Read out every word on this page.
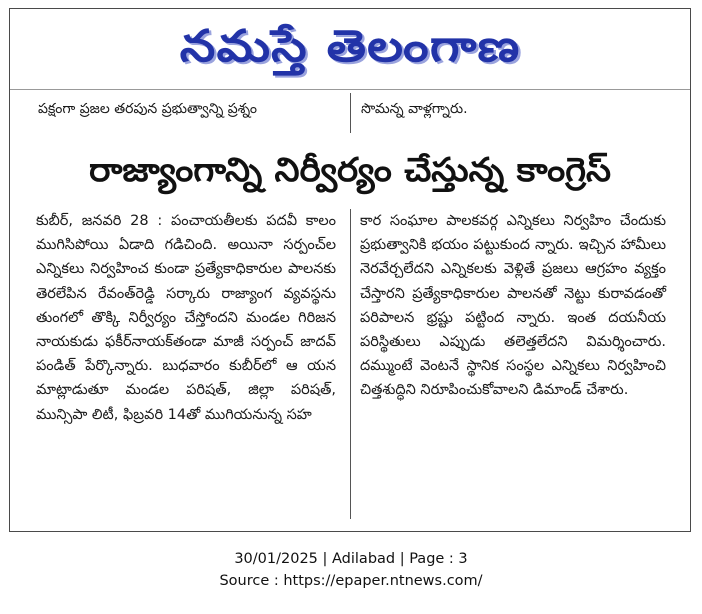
నమస్తే తెలంగాణ
పక్షంగా ప్రజల తరపున ప్రభుత్వాన్ని ప్రశ్నం	సొమన్న వాళ్లగ్నారు.
రాజ్యాంగాన్ని నిర్వీర్యం చేస్తున్న కాంగ్రెస్

కుబీర్, జనవరి 28 : పంచాయతీలకు పదవీ కాలం ముగిసిపోయి ఏడాది గడిచింది. అయినా సర్పంచ్‌ల ఎన్నికలు నిర్వహించ కుండా ప్రత్యేకాధికారుల పాలనకు తెరలేపిన రేవంత్‌రెడ్డి సర్కారు రాజ్యాంగ వ్యవస్థను తుంగలో తొక్కి నిర్వీర్యం చేస్తోందని మండల గిరిజన నాయకుడు ఫకీర్‌నాయక్‌తండా మాజీ సర్పంచ్ జాదవ్ పండిత్ పేర్కొన్నారు. బుధవారం కుబీర్‌లో ఆ యన మాట్లాడుతూ మండల పరిషత్, జిల్లా పరిషత్, మున్సిపా లిటీ, ఫిబ్రవరి 14తో ముగియనున్న సహ

కార సంఘాల పాలకవర్గ ఎన్నికలు నిర్వహిం చేందుకు ప్రభుత్వానికి భయం పట్టుకుంద న్నారు. ఇచ్చిన హామీలు నెరవేర్చలేదని ఎన్నికలకు వెళ్లితే ప్రజలు ఆగ్రహం వ్యక్తం చేస్తారని ప్రత్యేకాధికారుల పాలనతో నెట్టు కురావడంతో పరిపాలన భ్రష్టు పట్టింద న్నారు. ఇంత దయనీయ పరిస్థితులు ఎప్పుడు తలెత్తలేదని విమర్శించారు. దమ్ముంటే వెంటనే స్థానిక సంస్థల ఎన్నికలు నిర్వహించి చిత్తశుద్ధిని నిరూపించుకోవాలని డిమాండ్ చేశారు.

30/01/2025 | Adilabad | Page : 3
Source : https://epaper.ntnews.com/
